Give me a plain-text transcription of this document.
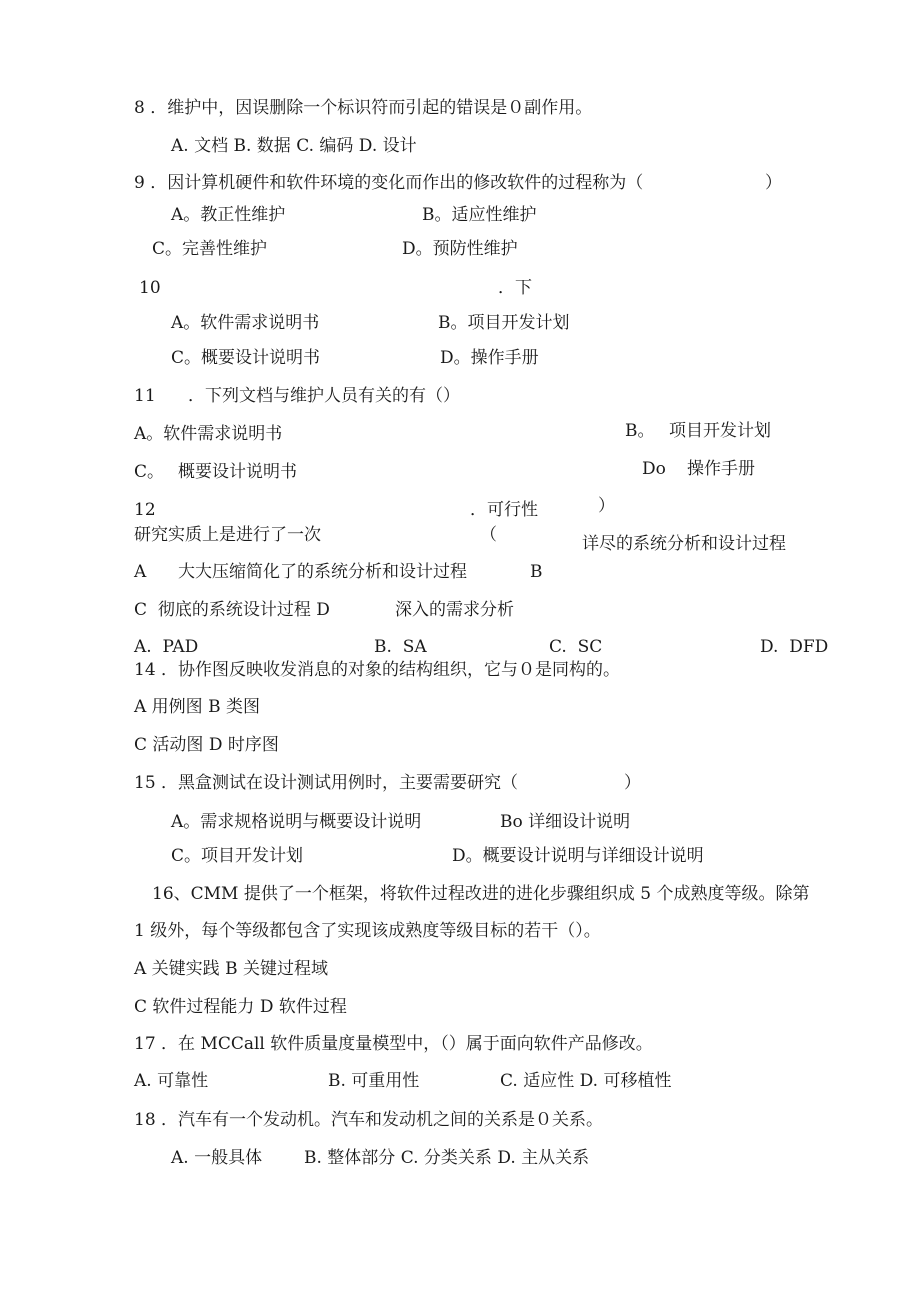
8 ．维护中，因误删除一个标识符而引起的错误是０副作用。
A. 文档 B. 数据 C. 编码 D. 设计
9 ．因计算机硬件和软件环境的变化而作出的修改软件的过程称为（	）
A。教正性维护	B。适应性维护
C。完善性维护	D。预防性维护
10	．下
A。软件需求说明书	B。项目开发计划
C。概要设计说明书	D。操作手册
11 ．下列文档与维护人员有关的有（）
A。软件需求说明书	B。 项目开发计划
C。 概要设计说明书	Do 操作手册
12	．可行性	）
研究实质上是进行了一次	（	详尽的系统分析和设计过程
A 大大压缩简化了的系统分析和设计过程	B
C  彻底的系统设计过程 D	深入的需求分析
A.  PAD	B.  SA	C.  SC	D.  DFD
14 ．协作图反映收发消息的对象的结构组织，它与０是同构的。
A 用例图 B 类图
C 活动图 D 时序图
15 ．黑盒测试在设计测试用例时，主要需要研究（	）
A。需求规格说明与概要设计说明	Bo 详细设计说明
C。项目开发计划	D。概要设计说明与详细设计说明
16、CMM 提供了一个框架，将软件过程改进的进化步骤组织成 5 个成熟度等级。除第
1 级外，每个等级都包含了实现该成熟度等级目标的若干（）。
A 关键实践 B 关键过程域
C 软件过程能力 D 软件过程
17 ．在 MCCall 软件质量度量模型中，（）属于面向软件产品修改。
A. 可靠性	B. 可重用性	C. 适应性 D. 可移植性
18 ．汽车有一个发动机。汽车和发动机之间的关系是０关系。
A. 一般具体 B. 整体部分 C. 分类关系 D. 主从关系
